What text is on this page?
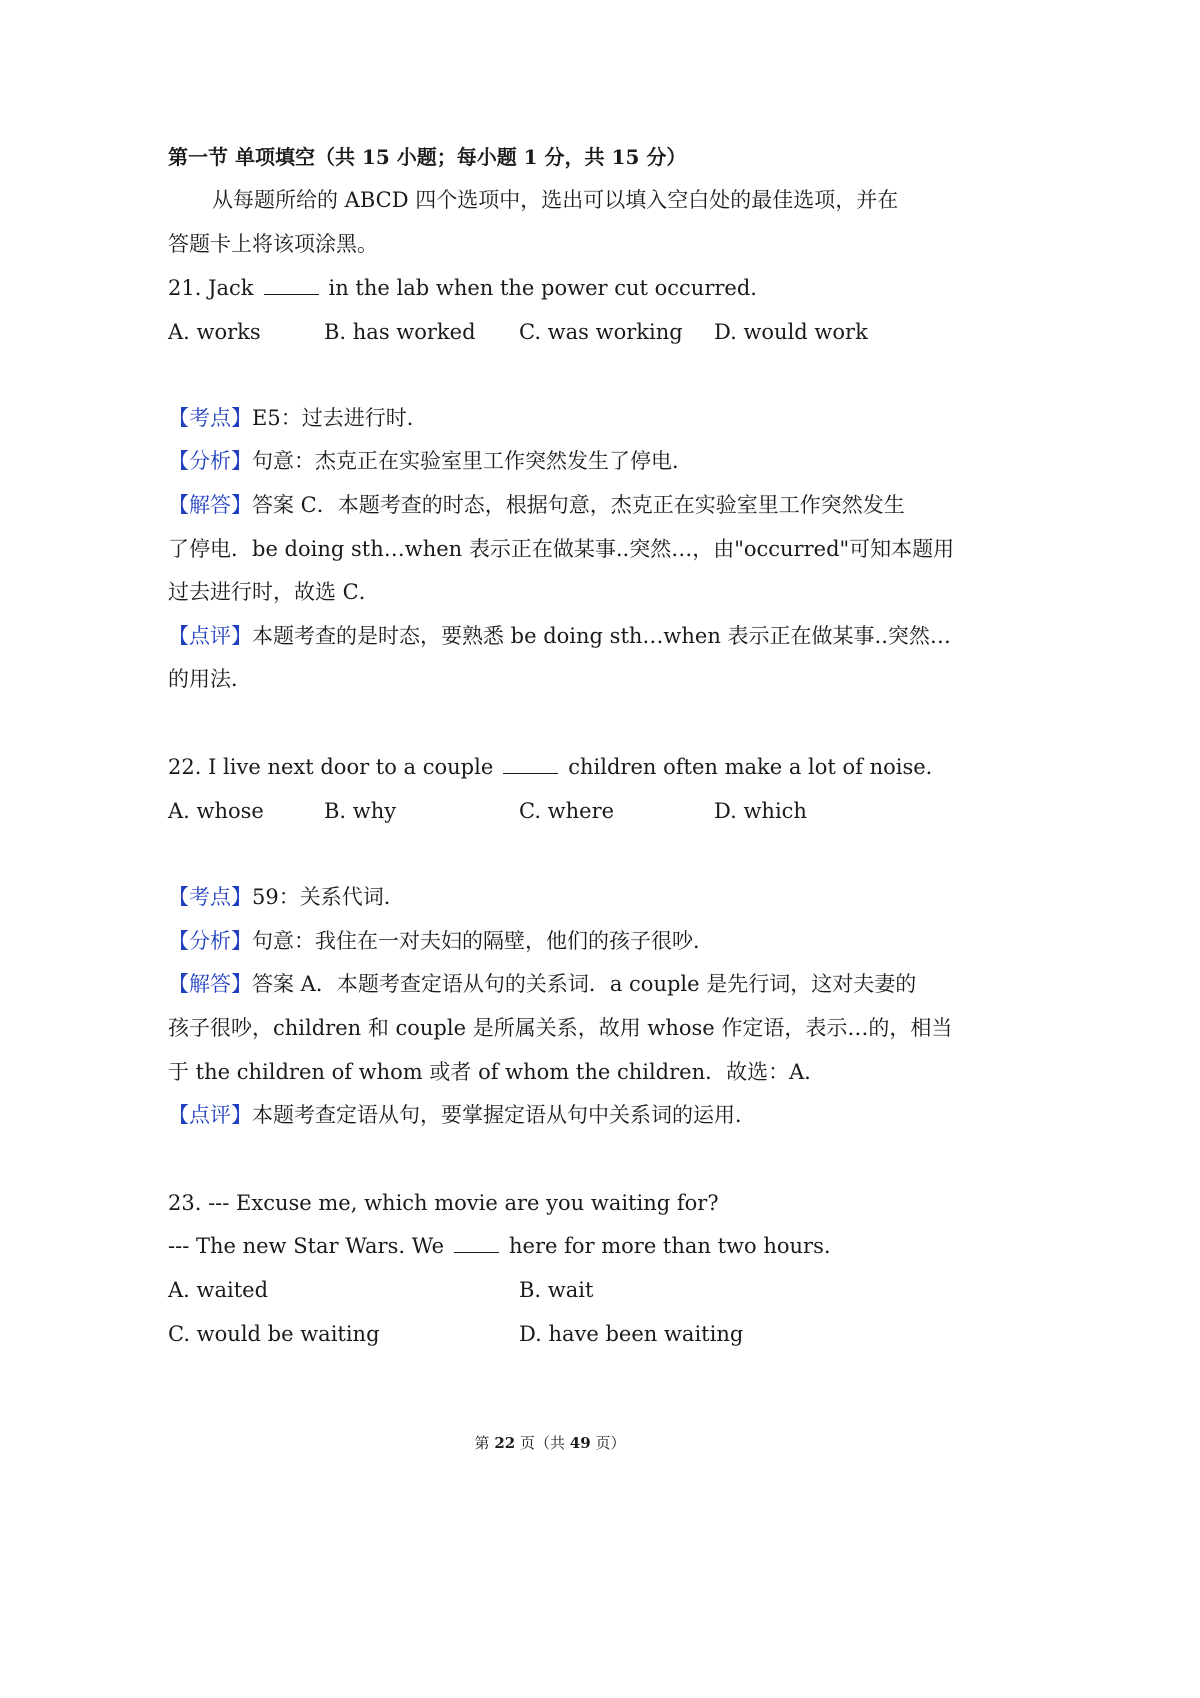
第一节 单项填空（共 15 小题；每小题 1 分，共 15 分）
从每题所给的 ABCD 四个选项中，选出可以填入空白处的最佳选项，并在
答题卡上将该项涂黑。
21. Jack	in the lab when the power cut occurred.
A. works	B. has worked C. was working D. would work
【考点】E5：过去进行时．
【分析】句意：杰克正在实验室里工作突然发生了停电．
【解答】答案 C．本题考查的时态，根据句意，杰克正在实验室里工作突然发生
了停电．be doing sth…when 表示正在做某事..突然…，由"occurred"可知本题用
过去进行时，故选 C．
【点评】本题考查的是时态，要熟悉 be doing sth…when 表示正在做某事..突然…
的用法．
22. I live next door to a couple	children often make a lot of noise.
A. whose	B. why	C. where	D. which
【考点】59：关系代词．
【分析】句意：我住在一对夫妇的隔壁，他们的孩子很吵．
【解答】答案 A．本题考查定语从句的关系词．a couple 是先行词，这对夫妻的
孩子很吵，children 和 couple 是所属关系，故用 whose 作定语，表示…的，相当
于 the children of whom 或者 of whom the children．故选：A．
【点评】本题考查定语从句，要掌握定语从句中关系词的运用．
23. --- Excuse me, which movie are you waiting for?
--- The new Star Wars. We	here for more than two hours.
A. waited	B. wait
C. would be waiting	D. have been waiting
第 22 页（共 49 页）
